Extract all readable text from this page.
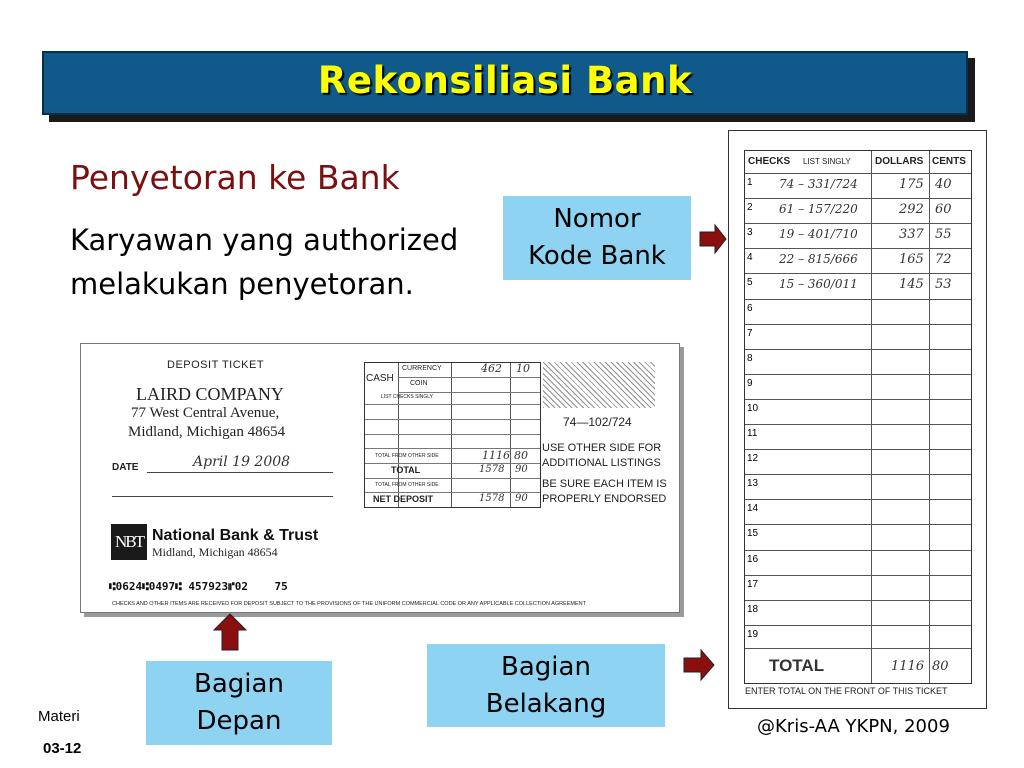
Rekonsiliasi Bank
Penyetoran ke Bank
Karyawan yang authorized
melakukan penyetoran.
Nomor
Kode Bank
DEPOSIT TICKET
LAIRD COMPANY
77 West Central Avenue,
Midland, Michigan 48654
DATE	April 19 2008
CASH
CURRENCY	462 10
COIN
LIST CHECKS SINGLY
TOTAL FROM OTHER SIDE	1116 80
TOTAL	1578 90
TOTAL FROM OTHER SIDE
NET DEPOSIT	1578 90
74—102/724
USE OTHER SIDE FOR
ADDITIONAL LISTINGS
BE SURE EACH ITEM IS
PROPERLY ENDORSED
NBT National Bank & Trust
Midland, Michigan 48654
⑆0624⑆0497⑆ 457923⑈02    75
CHECKS AND OTHER ITEMS ARE RECEIVED FOR DEPOSIT SUBJECT TO THE PROVISIONS OF THE UNIFORM COMMERCIAL CODE OR ANY APPLICABLE COLLECTION AGREEMENT
Bagian
Depan
Bagian
Belakang
CHECKS LIST SINGLY DOLLARS CENTS
1 74 – 331/724	175 40
2 61 – 157/220	292 60
3 19 – 401/710	337 55
4 22 – 815/666	165 72
5 15 – 360/011	145 53
6
7
8
9
10
11
12
13
14
15
16
17
18
19
TOTAL	1116 80
ENTER TOTAL ON THE FRONT OF THIS TICKET
Materi
03-12
@Kris-AA YKPN, 2009
